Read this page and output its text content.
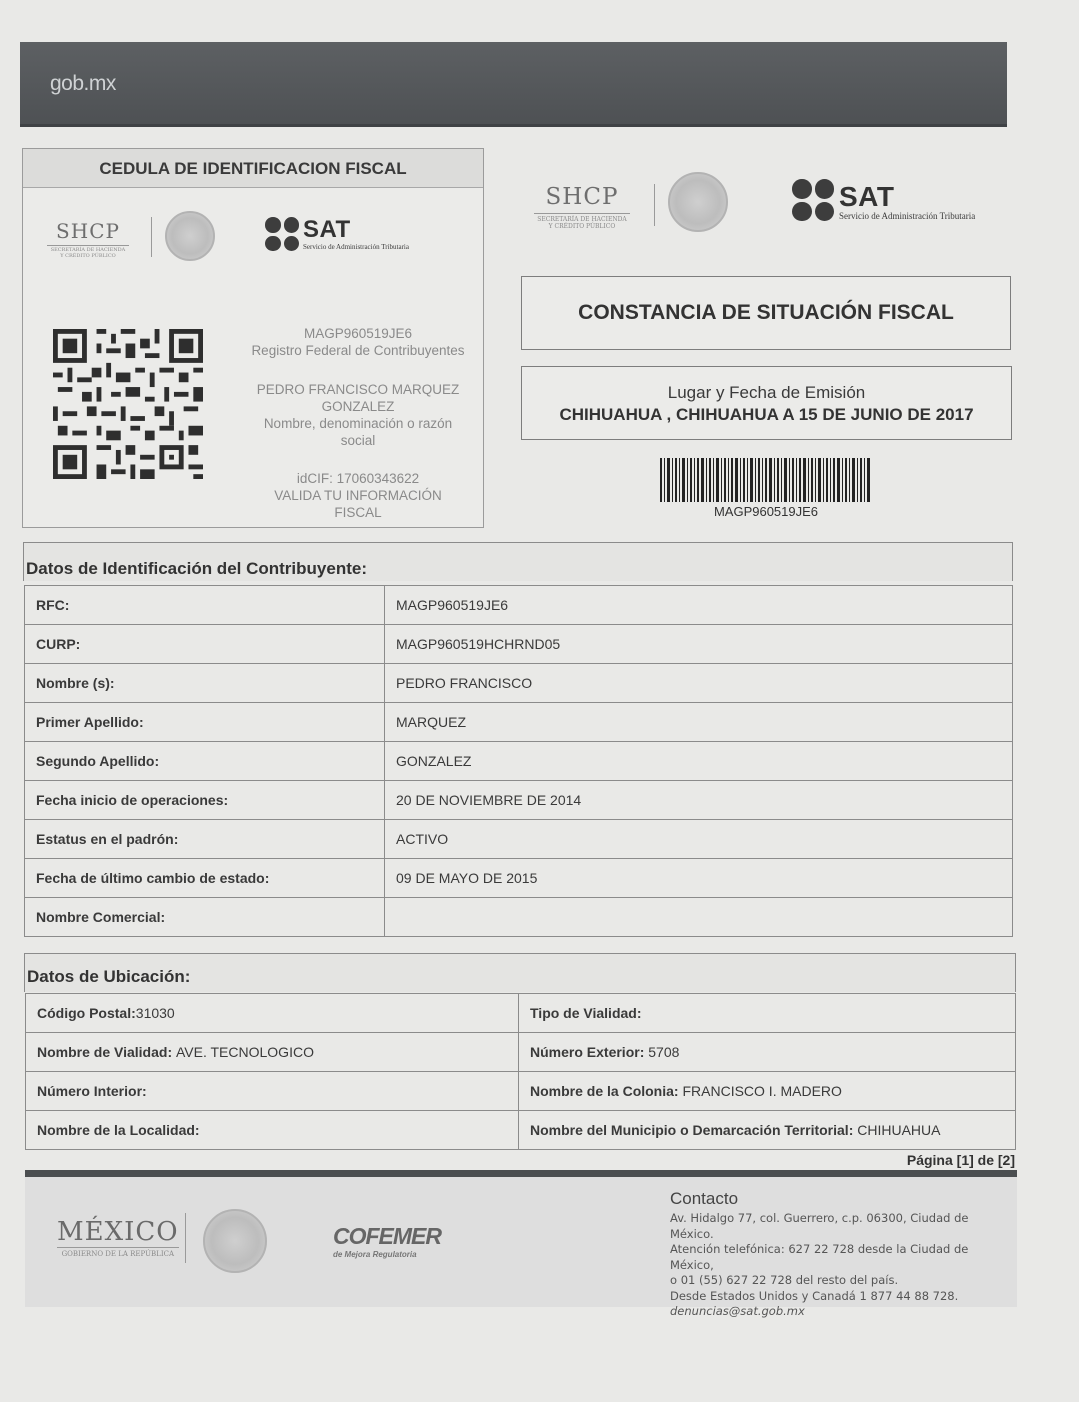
gob.mx
CEDULA DE IDENTIFICACION FISCAL
SHCP
SECRETARÍA DE HACIENDA
Y CRÉDITO PÚBLICO
SAT
Servicio de Administración Tributaria
MAGP960519JE6
Registro Federal de Contribuyentes
PEDRO FRANCISCO MARQUEZ
GONZALEZ
Nombre, denominación o razón
social
idCIF: 17060343622
VALIDA TU INFORMACIÓN
FISCAL
SHCP
SECRETARÍA DE HACIENDA
Y CRÉDITO PÚBLICO
SAT
Servicio de Administración Tributaria
CONSTANCIA DE SITUACIÓN FISCAL
Lugar y Fecha de Emisión
CHIHUAHUA , CHIHUAHUA A 15 DE JUNIO DE 2017
MAGP960519JE6
Datos de Identificación del Contribuyente:
RFC:	MAGP960519JE6
CURP:	MAGP960519HCHRND05
Nombre (s):	PEDRO FRANCISCO
Primer Apellido:	MARQUEZ
Segundo Apellido:	GONZALEZ
Fecha inicio de operaciones:	20 DE NOVIEMBRE DE 2014
Estatus en el padrón:	ACTIVO
Fecha de último cambio de estado:	09 DE MAYO DE 2015
Nombre Comercial:	
Datos de Ubicación:
Código Postal:31030	Tipo de Vialidad:
Nombre de Vialidad: AVE. TECNOLOGICO	Número Exterior: 5708
Número Interior:	Nombre de la Colonia: FRANCISCO I. MADERO
Nombre de la Localidad:	Nombre del Municipio o Demarcación Territorial: CHIHUAHUA
Página [1] de [2]
MÉXICO
GOBIERNO DE LA REPÚBLICA
COFEMER
de Mejora Regulatoria
Contacto
Av. Hidalgo 77, col. Guerrero, c.p. 06300, Ciudad de México.
Atención telefónica: 627 22 728 desde la Ciudad de México,
o 01 (55) 627 22 728 del resto del país.
Desde Estados Unidos y Canadá 1 877 44 88 728.
denuncias@sat.gob.mx
